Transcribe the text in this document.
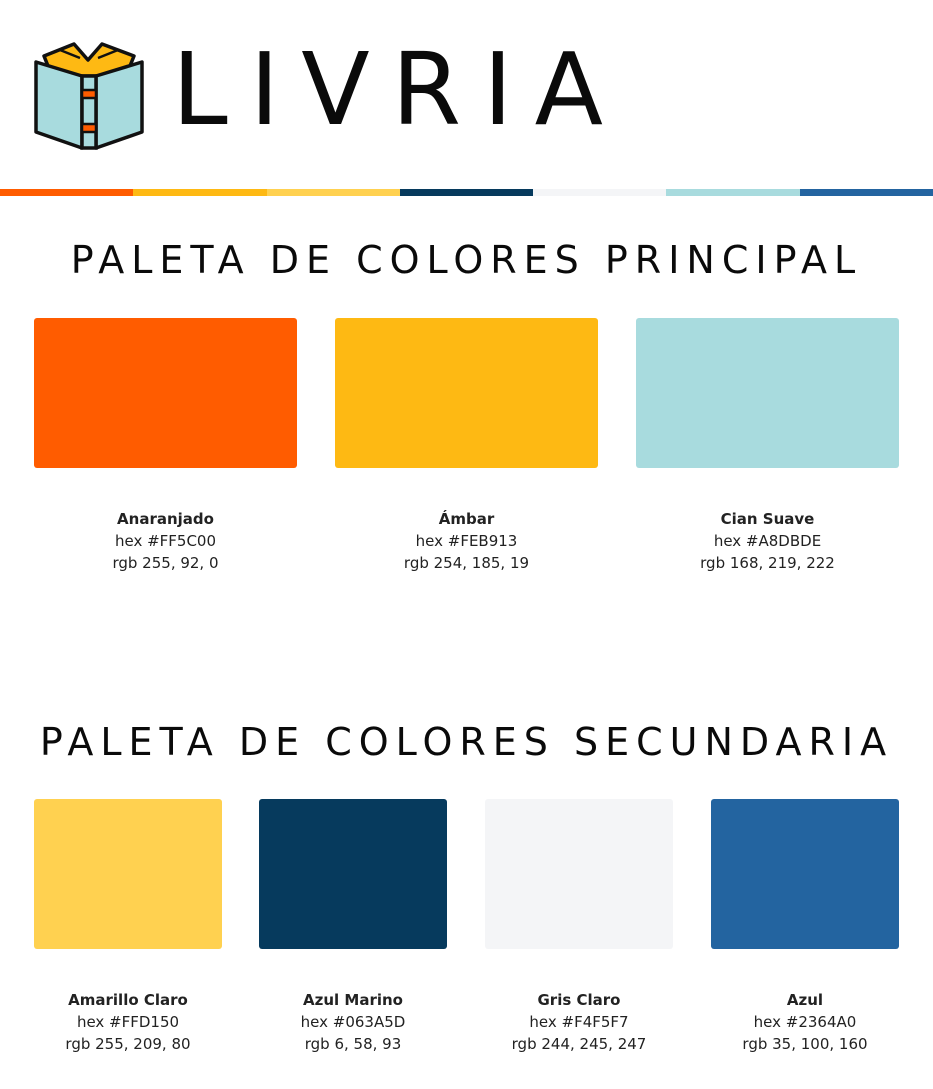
LIVRIA
PALETA DE COLORES PRINCIPAL
Anaranjado
hex #FF5C00
rgb 255, 92, 0
Ámbar
hex #FEB913
rgb 254, 185, 19
Cian Suave
hex #A8DBDE
rgb 168, 219, 222
PALETA DE COLORES SECUNDARIA
Amarillo Claro
hex #FFD150
rgb 255, 209, 80
Azul Marino
hex #063A5D
rgb 6, 58, 93
Gris Claro
hex #F4F5F7
rgb 244, 245, 247
Azul
hex #2364A0
rgb 35, 100, 160
